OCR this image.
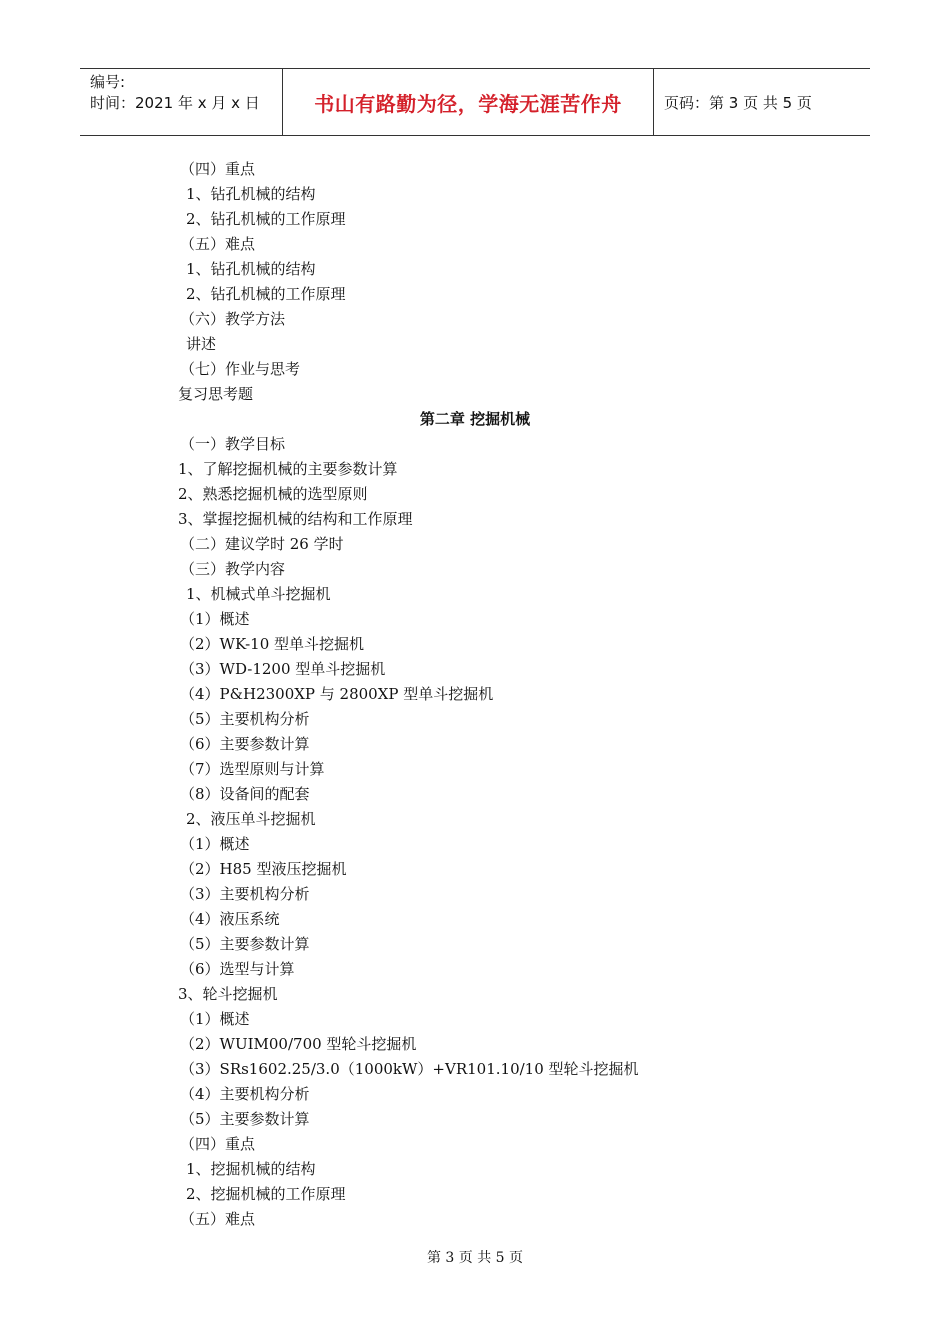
编号:
时间：2021 年 x 月 x 日	书山有路勤为径，学海无涯苦作舟	页码：第 3 页 共 5 页
（四）重点
1、钻孔机械的结构
2、钻孔机械的工作原理
（五）难点
1、钻孔机械的结构
2、钻孔机械的工作原理
（六）教学方法
讲述
（七）作业与思考
复习思考题
第二章 挖掘机械
（一）教学目标
1、了解挖掘机械的主要参数计算
2、熟悉挖掘机械的选型原则
3、掌握挖掘机械的结构和工作原理
（二）建议学时 26 学时
（三）教学内容
1、机械式单斗挖掘机
（1）概述
（2）WK-10 型单斗挖掘机
（3）WD-1200 型单斗挖掘机
（4）P&H2300XP 与 2800XP 型单斗挖掘机
（5）主要机构分析
（6）主要参数计算
（7）选型原则与计算
（8）设备间的配套
2、液压单斗挖掘机
（1）概述
（2）H85 型液压挖掘机
（3）主要机构分析
（4）液压系统
（5）主要参数计算
（6）选型与计算
3、轮斗挖掘机
（1）概述
（2）WUIM00/700 型轮斗挖掘机
（3）SRs1602.25/3.0（1000kW）+VR101.10/10 型轮斗挖掘机
（4）主要机构分析
（5）主要参数计算
（四）重点
1、挖掘机械的结构
2、挖掘机械的工作原理
（五）难点
第 3 页 共 5 页
